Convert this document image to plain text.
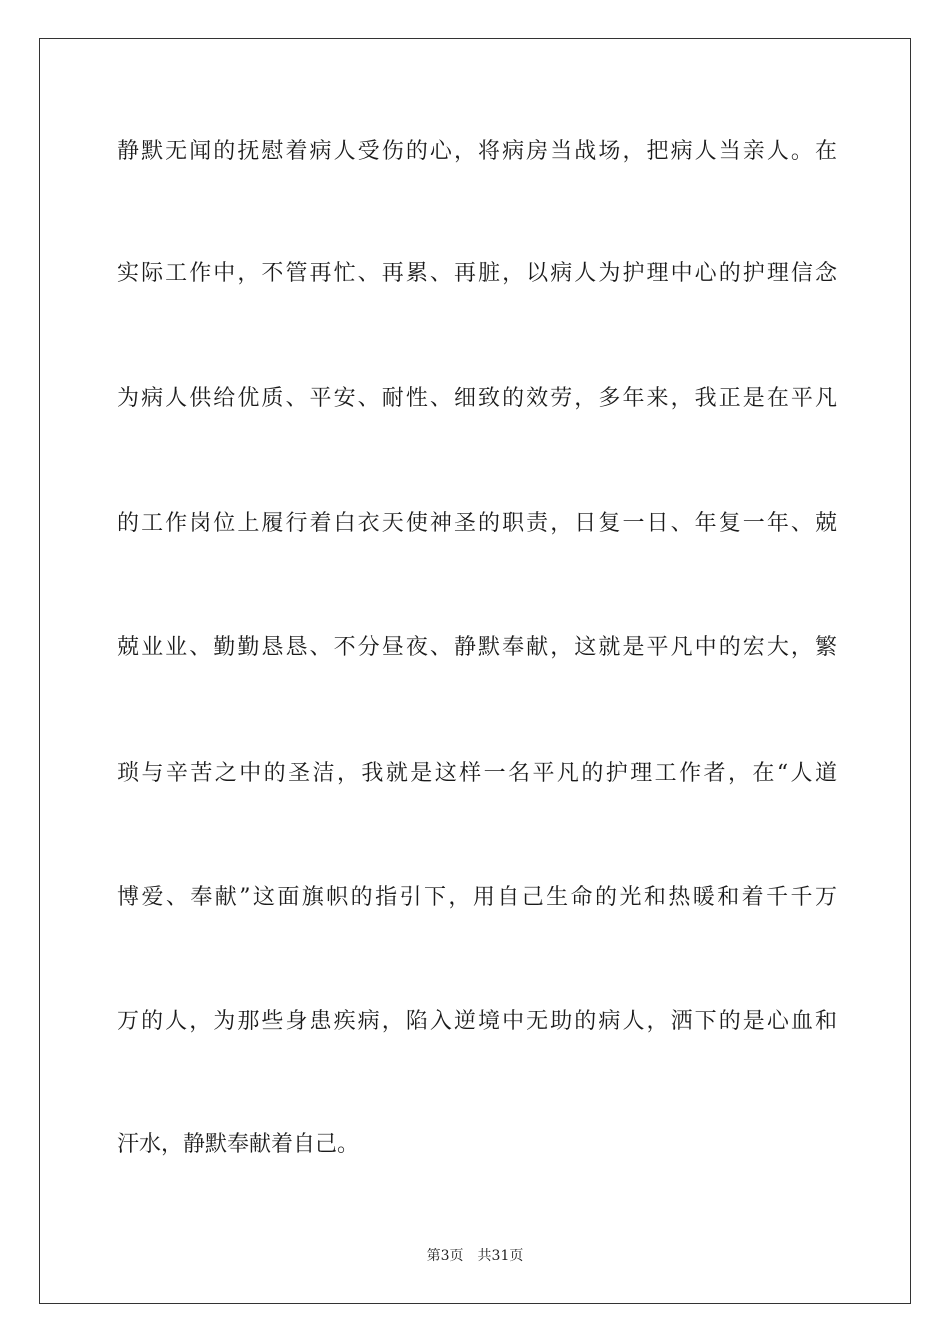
静默无闻的抚慰着病人受伤的心，将病房当战场，把病人当亲人。在
实际工作中，不管再忙、再累、再脏，以病人为护理中心的护理信念
为病人供给优质、平安、耐性、细致的效劳，多年来，我正是在平凡
的工作岗位上履行着白衣天使神圣的职责，日复一日、年复一年、兢
兢业业、勤勤恳恳、不分昼夜、静默奉献，这就是平凡中的宏大，繁
琐与辛苦之中的圣洁，我就是这样一名平凡的护理工作者，在“人道
博爱、奉献”这面旗帜的指引下，用自己生命的光和热暖和着千千万
万的人，为那些身患疾病，陷入逆境中无助的病人，洒下的是心血和
汗水，静默奉献着自己。
第3页 共31页
